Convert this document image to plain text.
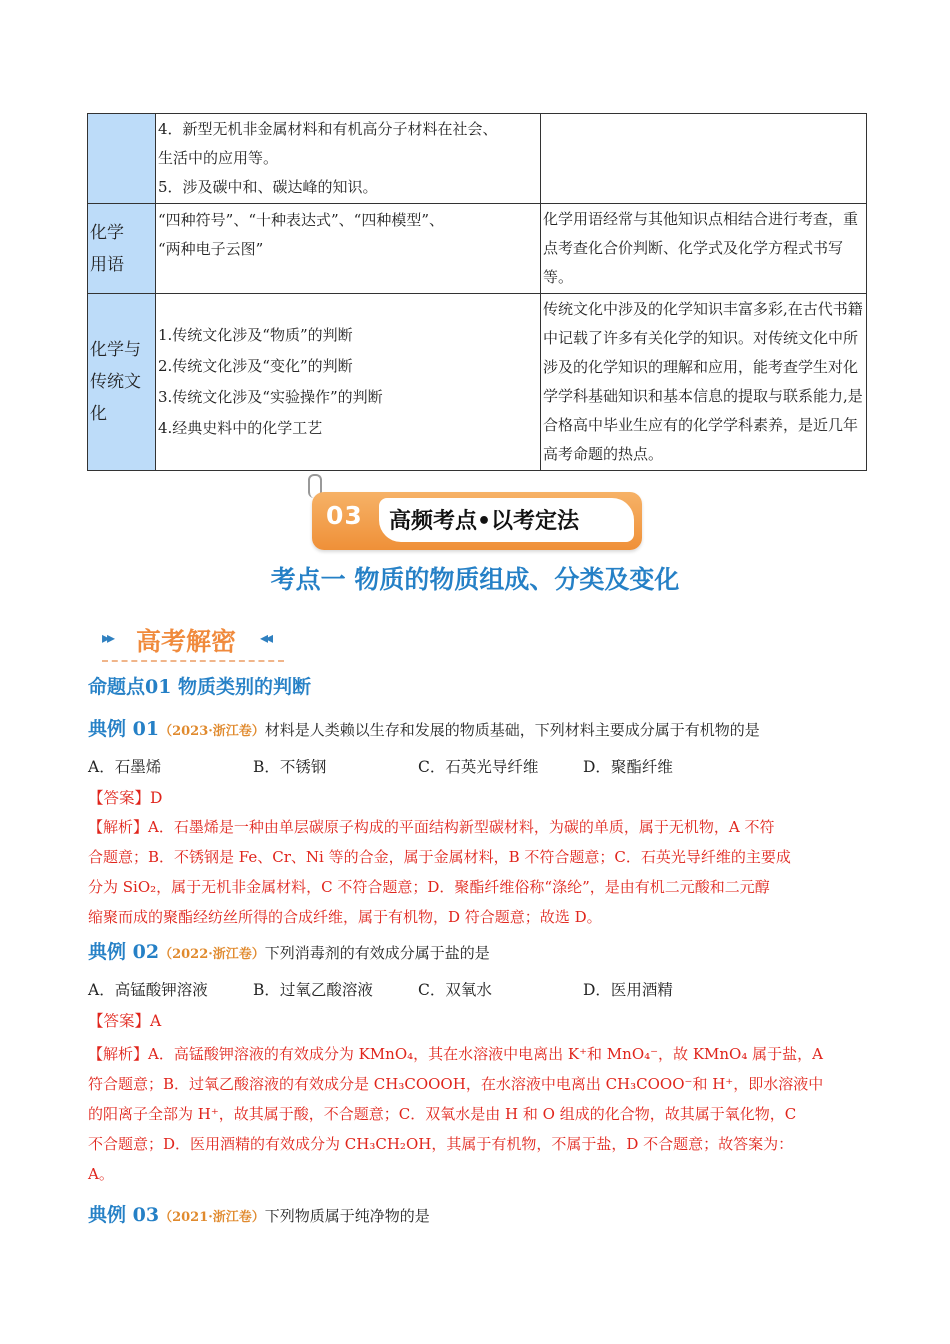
	4．新型无机非金属材料和有机高分子材料在社会、
生活中的应用等。
5．涉及碳中和、碳达峰的知识。	

化学
用语	“四种符号”、“十种表达式”、“四种模型”、
“两种电子云图”	化学用语经常与其他知识点相结合进行考查，重点考查化合价判断、化学式及化学方程式书写等。

化学与
传统文
化	1.传统文化涉及“物质”的判断
2.传统文化涉及“变化”的判断
3.传统文化涉及“实验操作”的判断
4.经典史料中的化学工艺	传统文化中涉及的化学知识丰富多彩,在古代书籍中记载了许多有关化学的知识。对传统文化中所涉及的化学知识的理解和应用，能考查学生对化学学科基础知识和基本信息的提取与联系能力,是合格高中毕业生应有的化学学科素养，是近几年高考命题的热点。
03 高频考点•以考定法
考点一 物质的物质组成、分类及变化
▸▸ 高考解密 ◂◂
命题点01 物质类别的判断
典例 01（2023·浙江卷）材料是人类赖以生存和发展的物质基础，下列材料主要成分属于有机物的是
A．石墨烯	B．不锈钢	C．石英光导纤维	D．聚酯纤维
【答案】D
【解析】A．石墨烯是一种由单层碳原子构成的平面结构新型碳材料，为碳的单质，属于无机物，A 不符
合题意；B．不锈钢是 Fe、Cr、Ni 等的合金，属于金属材料，B 不符合题意；C．石英光导纤维的主要成
分为 SiO₂，属于无机非金属材料，C 不符合题意；D．聚酯纤维俗称“涤纶”，是由有机二元酸和二元醇
缩聚而成的聚酯经纺丝所得的合成纤维，属于有机物，D 符合题意；故选 D。
典例 02（2022·浙江卷）下列消毒剂的有效成分属于盐的是
A．高锰酸钾溶液	B．过氧乙酸溶液	C．双氧水	D．医用酒精
【答案】A
【解析】A．高锰酸钾溶液的有效成分为 KMnO₄，其在水溶液中电离出 K⁺和 MnO₄⁻，故 KMnO₄ 属于盐，A
符合题意；B．过氧乙酸溶液的有效成分是 CH₃COOOH，在水溶液中电离出 CH₃COOO⁻和 H⁺，即水溶液中
的阳离子全部为 H⁺，故其属于酸，不合题意；C．双氧水是由 H 和 O 组成的化合物，故其属于氧化物，C
不合题意；D．医用酒精的有效成分为 CH₃CH₂OH，其属于有机物，不属于盐，D 不合题意；故答案为：
A。
典例 03（2021·浙江卷）下列物质属于纯净物的是
